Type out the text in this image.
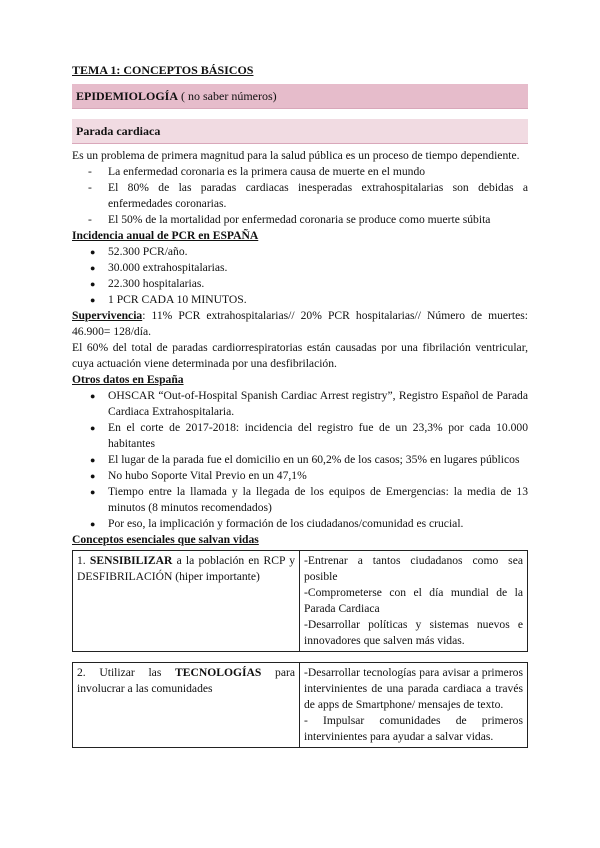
TEMA 1: CONCEPTOS BÁSICOS
EPIDEMIOLOGÍA ( no saber números)
Parada cardiaca
Es un problema de primera magnitud para la salud pública es un proceso de tiempo dependiente.
- La enfermedad coronaria es la primera causa de muerte en el mundo
- El 80% de las paradas cardiacas inesperadas extrahospitalarias son debidas a enfermedades coronarias.
- El 50% de la mortalidad por enfermedad coronaria se produce como muerte súbita
Incidencia anual de PCR en ESPAÑA
● 52.300 PCR/año.
● 30.000 extrahospitalarias.
● 22.300 hospitalarias.
● 1 PCR CADA 10 MINUTOS.
Supervivencia: 11% PCR extrahospitalarias// 20% PCR hospitalarias// Número de muertes: 46.900= 128/día.
El 60% del total de paradas cardiorrespiratorias están causadas por una fibrilación ventricular, cuya actuación viene determinada por una desfibrilación.
Otros datos en España
● OHSCAR “Out-of-Hospital Spanish Cardiac Arrest registry”, Registro Español de Parada Cardiaca Extrahospitalaria.
● En el corte de 2017-2018: incidencia del registro fue de un 23,3% por cada 10.000 habitantes
● El lugar de la parada fue el domicilio en un 60,2% de los casos; 35% en lugares públicos
● No hubo Soporte Vital Previo en un 47,1%
● Tiempo entre la llamada y la llegada de los equipos de Emergencias: la media de 13 minutos (8 minutos recomendados)
● Por eso, la implicación y formación de los ciudadanos/comunidad es crucial.
Conceptos esenciales que salvan vidas
1. SENSIBILIZAR a la población en RCP y DESFIBRILACIÓN (hiper importante)	-Entrenar a tantos ciudadanos como sea posible
-Comprometerse con el día mundial de la Parada Cardiaca
-Desarrollar políticas y sistemas nuevos e innovadores que salven más vidas.

2. Utilizar las TECNOLOGÍAS para involucrar a las comunidades	-Desarrollar tecnologías para avisar a primeros intervinientes de una parada cardiaca a través de apps de Smartphone/ mensajes de texto.
- Impulsar comunidades de primeros intervinientes para ayudar a salvar vidas.
